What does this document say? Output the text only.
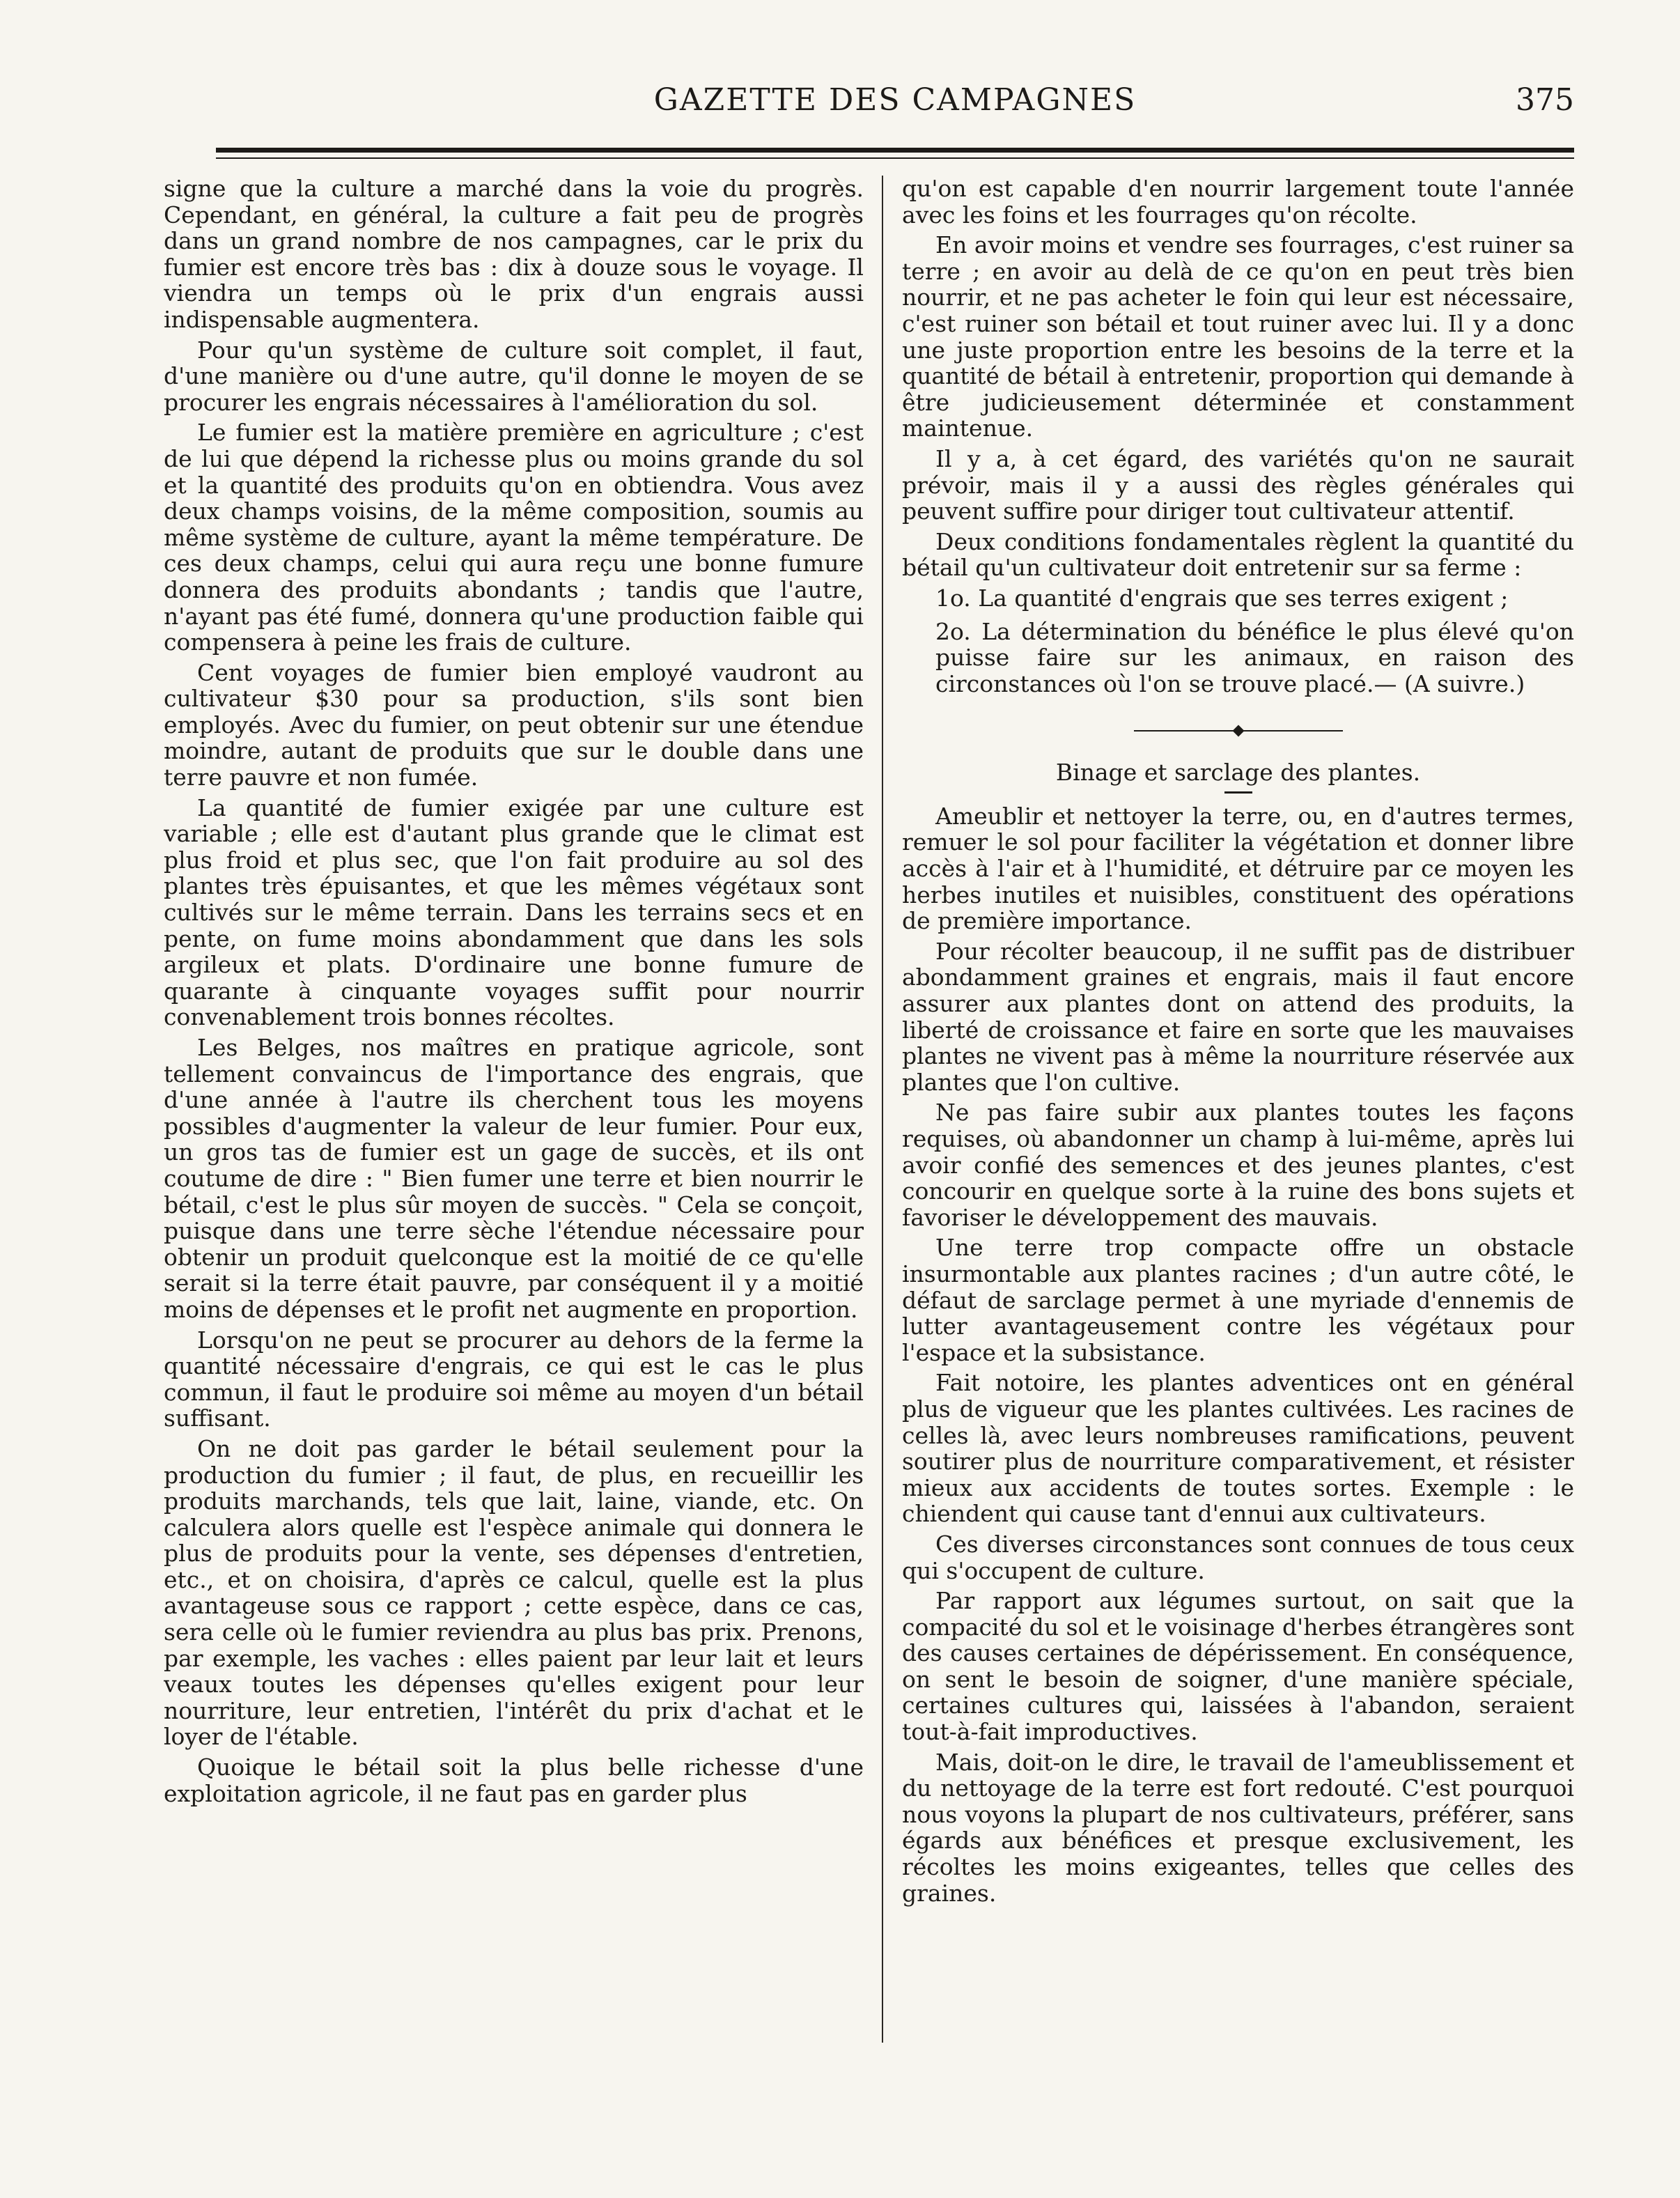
GAZETTE DES CAMPAGNES	375

signe que la culture a marché dans la voie du progrès. Cependant, en général, la culture a fait peu de progrès dans un grand nombre de nos campagnes, car le prix du fumier est encore très bas : dix à douze sous le voyage. Il viendra un temps où le prix d'un engrais aussi indispensable augmentera.

Pour qu'un système de culture soit complet, il faut, d'une manière ou d'une autre, qu'il donne le moyen de se procurer les engrais nécessaires à l'amélioration du sol.

Le fumier est la matière première en agriculture ; c'est de lui que dépend la richesse plus ou moins grande du sol et la quantité des produits qu'on en obtiendra. Vous avez deux champs voisins, de la même composition, soumis au même système de culture, ayant la même température. De ces deux champs, celui qui aura reçu une bonne fumure donnera des produits abondants ; tandis que l'autre, n'ayant pas été fumé, donnera qu'une production faible qui compensera à peine les frais de culture.

Cent voyages de fumier bien employé vaudront au cultivateur $30 pour sa production, s'ils sont bien employés. Avec du fumier, on peut obtenir sur une étendue moindre, autant de produits que sur le double dans une terre pauvre et non fumée.

La quantité de fumier exigée par une culture est variable ; elle est d'autant plus grande que le climat est plus froid et plus sec, que l'on fait produire au sol des plantes très épuisantes, et que les mêmes végétaux sont cultivés sur le même terrain. Dans les terrains secs et en pente, on fume moins abondamment que dans les sols argileux et plats. D'ordinaire une bonne fumure de quarante à cinquante voyages suffit pour nourrir convenablement trois bonnes récoltes.

Les Belges, nos maîtres en pratique agricole, sont tellement convaincus de l'importance des engrais, que d'une année à l'autre ils cherchent tous les moyens possibles d'augmenter la valeur de leur fumier. Pour eux, un gros tas de fumier est un gage de succès, et ils ont coutume de dire : " Bien fumer une terre et bien nourrir le bétail, c'est le plus sûr moyen de succès. " Cela se conçoit, puisque dans une terre sèche l'étendue nécessaire pour obtenir un produit quelconque est la moitié de ce qu'elle serait si la terre était pauvre, par conséquent il y a moitié moins de dépenses et le profit net augmente en proportion.

Lorsqu'on ne peut se procurer au dehors de la ferme la quantité nécessaire d'engrais, ce qui est le cas le plus commun, il faut le produire soi même au moyen d'un bétail suffisant.

On ne doit pas garder le bétail seulement pour la production du fumier ; il faut, de plus, en recueillir les produits marchands, tels que lait, laine, viande, etc. On calculera alors quelle est l'espèce animale qui donnera le plus de produits pour la vente, ses dépenses d'entretien, etc., et on choisira, d'après ce calcul, quelle est la plus avantageuse sous ce rapport ; cette espèce, dans ce cas, sera celle où le fumier reviendra au plus bas prix. Prenons, par exemple, les vaches : elles paient par leur lait et leurs veaux toutes les dépenses qu'elles exigent pour leur nourriture, leur entretien, l'intérêt du prix d'achat et le loyer de l'étable.

Quoique le bétail soit la plus belle richesse d'une exploitation agricole, il ne faut pas en garder plus

qu'on est capable d'en nourrir largement toute l'année avec les foins et les fourrages qu'on récolte.

En avoir moins et vendre ses fourrages, c'est ruiner sa terre ; en avoir au delà de ce qu'on en peut très bien nourrir, et ne pas acheter le foin qui leur est nécessaire, c'est ruiner son bétail et tout ruiner avec lui. Il y a donc une juste proportion entre les besoins de la terre et la quantité de bétail à entretenir, proportion qui demande à être judicieusement déterminée et constamment maintenue.

Il y a, à cet égard, des variétés qu'on ne saurait prévoir, mais il y a aussi des règles générales qui peuvent suffire pour diriger tout cultivateur attentif.

Deux conditions fondamentales règlent la quantité du bétail qu'un cultivateur doit entretenir sur sa ferme :

1o. La quantité d'engrais que ses terres exigent ;

2o. La détermination du bénéfice le plus élevé qu'on puisse faire sur les animaux, en raison des circonstances où l'on se trouve placé.— (A suivre.)

Binage et sarclage des plantes.

Ameublir et nettoyer la terre, ou, en d'autres termes, remuer le sol pour faciliter la végétation et donner libre accès à l'air et à l'humidité, et détruire par ce moyen les herbes inutiles et nuisibles, constituent des opérations de première importance.

Pour récolter beaucoup, il ne suffit pas de distribuer abondamment graines et engrais, mais il faut encore assurer aux plantes dont on attend des produits, la liberté de croissance et faire en sorte que les mauvaises plantes ne vivent pas à même la nourriture réservée aux plantes que l'on cultive.

Ne pas faire subir aux plantes toutes les façons requises, où abandonner un champ à lui-même, après lui avoir confié des semences et des jeunes plantes, c'est concourir en quelque sorte à la ruine des bons sujets et favoriser le développement des mauvais.

Une terre trop compacte offre un obstacle insurmontable aux plantes racines ; d'un autre côté, le défaut de sarclage permet à une myriade d'ennemis de lutter avantageusement contre les végétaux pour l'espace et la subsistance.

Fait notoire, les plantes adventices ont en général plus de vigueur que les plantes cultivées. Les racines de celles là, avec leurs nombreuses ramifications, peuvent soutirer plus de nourriture comparativement, et résister mieux aux accidents de toutes sortes. Exemple : le chiendent qui cause tant d'ennui aux cultivateurs.

Ces diverses circonstances sont connues de tous ceux qui s'occupent de culture.

Par rapport aux légumes surtout, on sait que la compacité du sol et le voisinage d'herbes étrangères sont des causes certaines de dépérissement. En conséquence, on sent le besoin de soigner, d'une manière spéciale, certaines cultures qui, laissées à l'abandon, seraient tout-à-fait improductives.

Mais, doit-on le dire, le travail de l'ameublissement et du nettoyage de la terre est fort redouté. C'est pourquoi nous voyons la plupart de nos cultivateurs, préférer, sans égards aux bénéfices et presque exclusivement, les récoltes les moins exigeantes, telles que celles des graines.
